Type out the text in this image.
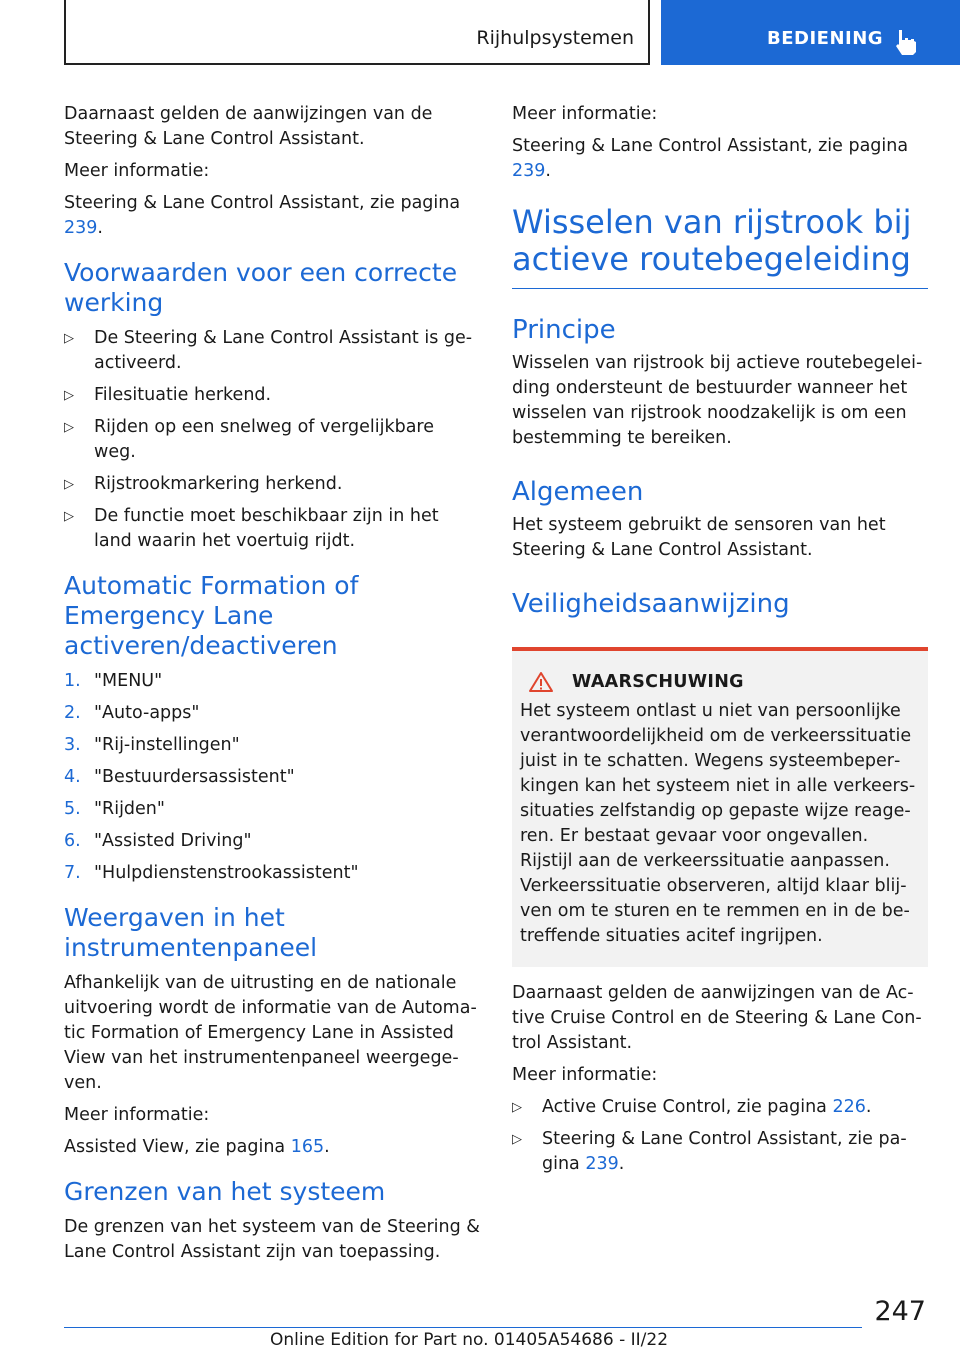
Rijhulpsystemen	BEDIENING

Daarnaast gelden de aanwijzingen van de Steering & Lane Control Assistant.

Meer informatie:

Steering & Lane Control Assistant, zie pagina 239.

Voorwaarden voor een correcte werking
▷ De Steering & Lane Control Assistant is geactiveerd.
▷ Filesituatie herkend.
▷ Rijden op een snelweg of vergelijkbare weg.
▷ Rijstrookmarkering herkend.
▷ De functie moet beschikbaar zijn in het land waarin het voertuig rijdt.
Automatic Formation of Emergency Lane activeren/deactiveren
1. "MENU"
2. "Auto-apps"
3. "Rij-instellingen"
4. "Bestuurdersassistent"
5. "Rijden"
6. "Assisted Driving"
7. "Hulpdienstenstrookassistent"
Weergaven in het instrumentenpaneel

Afhankelijk van de uitrusting en de nationale uitvoering wordt de informatie van de Automatic Formation of Emergency Lane in Assisted View van het instrumentenpaneel weergegeven.

Meer informatie:

Assisted View, zie pagina 165.

Grenzen van het systeem

De grenzen van het systeem van de Steering & Lane Control Assistant zijn van toepassing.

Meer informatie:

Steering & Lane Control Assistant, zie pagina 239.

Wisselen van rijstrook bij actieve routebegeleiding
Principe

Wisselen van rijstrook bij actieve routebegeleiding ondersteunt de bestuurder wanneer het wisselen van rijstrook noodzakelijk is om een bestemming te bereiken.

Algemeen

Het systeem gebruikt de sensoren van het Steering & Lane Control Assistant.

Veiligheidsaanwijzing
WAARSCHUWING

Het systeem ontlast u niet van persoonlijke verantwoordelijkheid om de verkeerssituatie juist in te schatten. Wegens systeembeperkingen kan het systeem niet in alle verkeerssituaties zelfstandig op gepaste wijze reageren. Er bestaat gevaar voor ongevallen. Rijstijl aan de verkeerssituatie aanpassen. Verkeerssituatie observeren, altijd klaar blijven om te sturen en te remmen en in de betreffende situaties acitef ingrijpen.

Daarnaast gelden de aanwijzingen van de Active Cruise Control en de Steering & Lane Control Assistant.

Meer informatie:

▷ Active Cruise Control, zie pagina 226.
▷ Steering & Lane Control Assistant, zie pagina 239.
247
Online Edition for Part no. 01405A54686 - II/22
